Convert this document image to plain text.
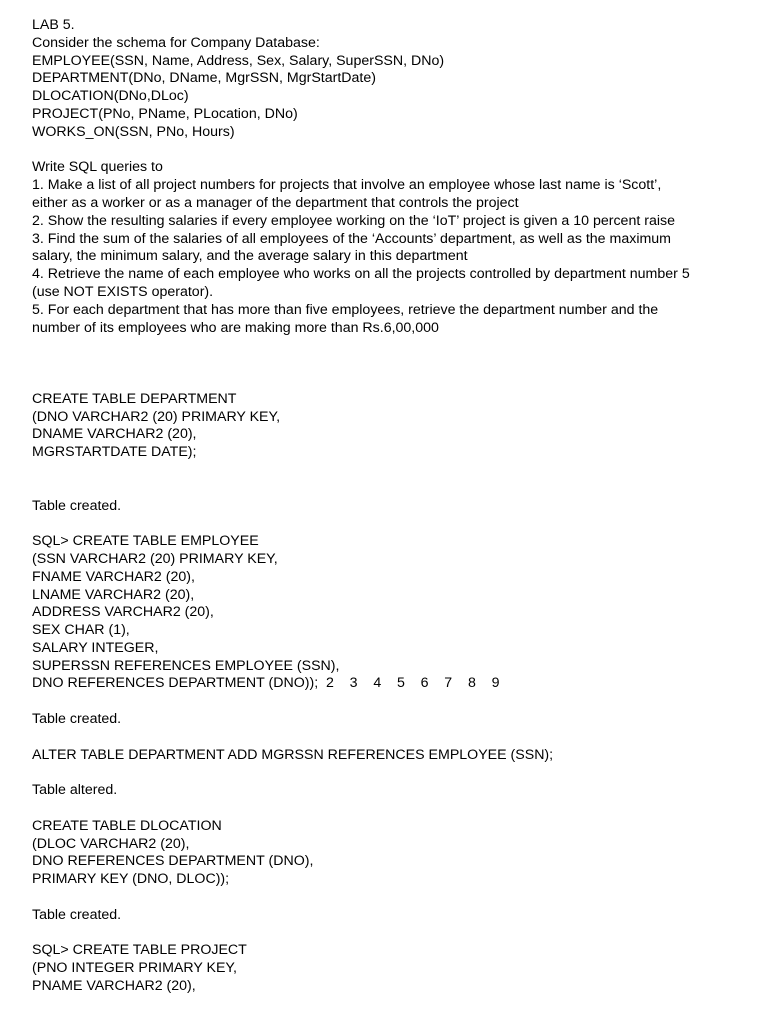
LAB 5.
Consider the schema for Company Database:
EMPLOYEE(SSN, Name, Address, Sex, Salary, SuperSSN, DNo)
DEPARTMENT(DNo, DName, MgrSSN, MgrStartDate)
DLOCATION(DNo,DLoc)
PROJECT(PNo, PName, PLocation, DNo)
WORKS_ON(SSN, PNo, Hours)
Write SQL queries to
1. Make a list of all project numbers for projects that involve an employee whose last name is ‘Scott’,
either as a worker or as a manager of the department that controls the project
2. Show the resulting salaries if every employee working on the ‘IoT’ project is given a 10 percent raise
3. Find the sum of the salaries of all employees of the ‘Accounts’ department, as well as the maximum
salary, the minimum salary, and the average salary in this department
4. Retrieve the name of each employee who works on all the projects controlled by department number 5
(use NOT EXISTS operator).
5. For each department that has more than five employees, retrieve the department number and the
number of its employees who are making more than Rs.6,00,000
CREATE TABLE DEPARTMENT
(DNO VARCHAR2 (20) PRIMARY KEY,
DNAME VARCHAR2 (20),
MGRSTARTDATE DATE);
Table created.
SQL> CREATE TABLE EMPLOYEE
(SSN VARCHAR2 (20) PRIMARY KEY,
FNAME VARCHAR2 (20),
LNAME VARCHAR2 (20),
ADDRESS VARCHAR2 (20),
SEX CHAR (1),
SALARY INTEGER,
SUPERSSN REFERENCES EMPLOYEE (SSN),
DNO REFERENCES DEPARTMENT (DNO));  2    3    4    5    6    7    8    9
Table created.
ALTER TABLE DEPARTMENT ADD MGRSSN REFERENCES EMPLOYEE (SSN);
Table altered.
CREATE TABLE DLOCATION
(DLOC VARCHAR2 (20),
DNO REFERENCES DEPARTMENT (DNO),
PRIMARY KEY (DNO, DLOC));
Table created.
SQL> CREATE TABLE PROJECT
(PNO INTEGER PRIMARY KEY,
PNAME VARCHAR2 (20),
